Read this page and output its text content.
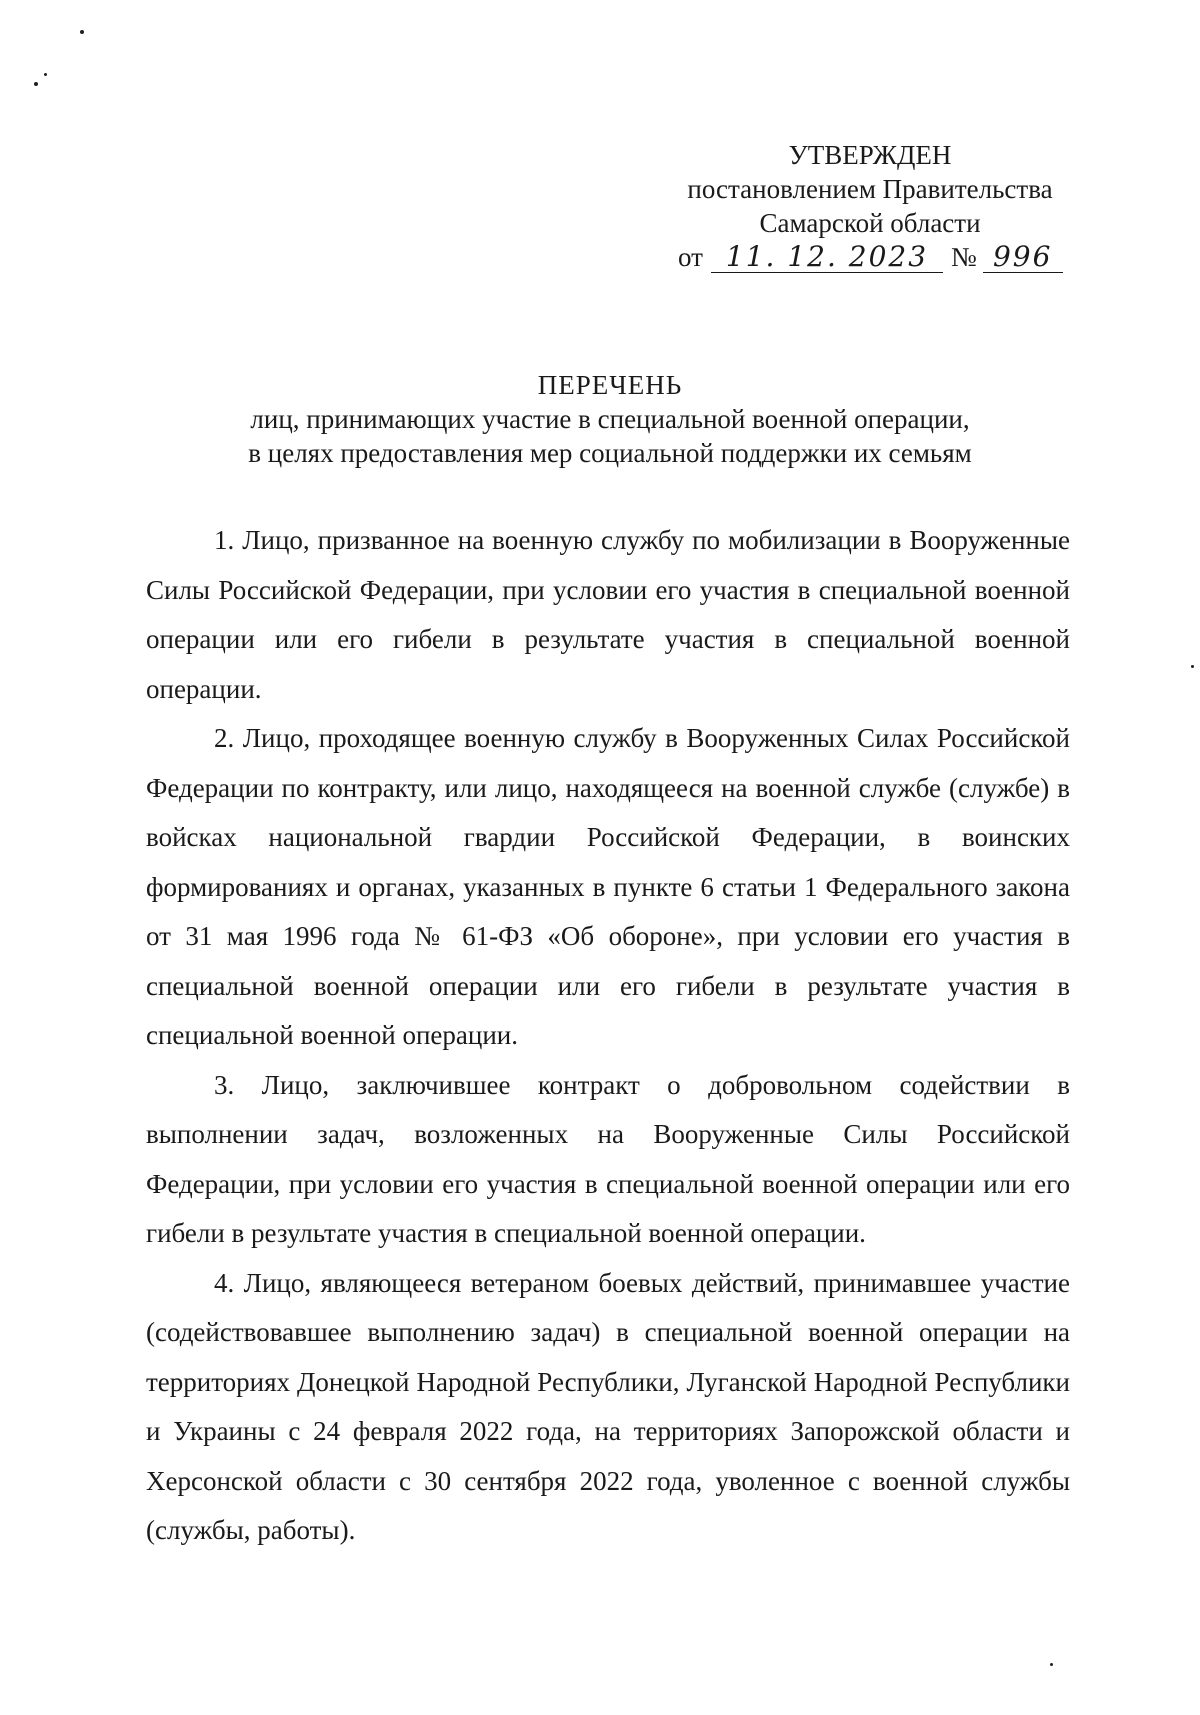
УТВЕРЖДЕН
постановлением Правительства
Самарской области
от 11. 12. 2023 № 996
ПЕРЕЧЕНЬ
лиц, принимающих участие в специальной военной операции,
в целях предоставления мер социальной поддержки их семьям

1. Лицо, призванное на военную службу по мобилизации в Вооруженные Силы Российской Федерации, при условии его участия в специальной военной операции или его гибели в результате участия в специальной военной операции.

2. Лицо, проходящее военную службу в Вооруженных Силах Российской Федерации по контракту, или лицо, находящееся на военной службе (службе) в войсках национальной гвардии Российской Федерации, в воинских формированиях и органах, указанных в пункте 6 статьи 1 Федерального закона от 31 мая 1996 года № 61-ФЗ «Об обороне», при условии его участия в специальной военной операции или его гибели в результате участия в специальной военной операции.

3. Лицо, заключившее контракт о добровольном содействии в выполнении задач, возложенных на Вооруженные Силы Российской Федерации, при условии его участия в специальной военной операции или его гибели в результате участия в специальной военной операции.

4. Лицо, являющееся ветераном боевых действий, принимавшее участие (содействовавшее выполнению задач) в специальной военной операции на территориях Донецкой Народной Республики, Луганской Народной Республики и Украины с 24 февраля 2022 года, на территориях Запорожской области и Херсонской области с 30 сентября 2022 года, уволенное с военной службы (службы, работы).
